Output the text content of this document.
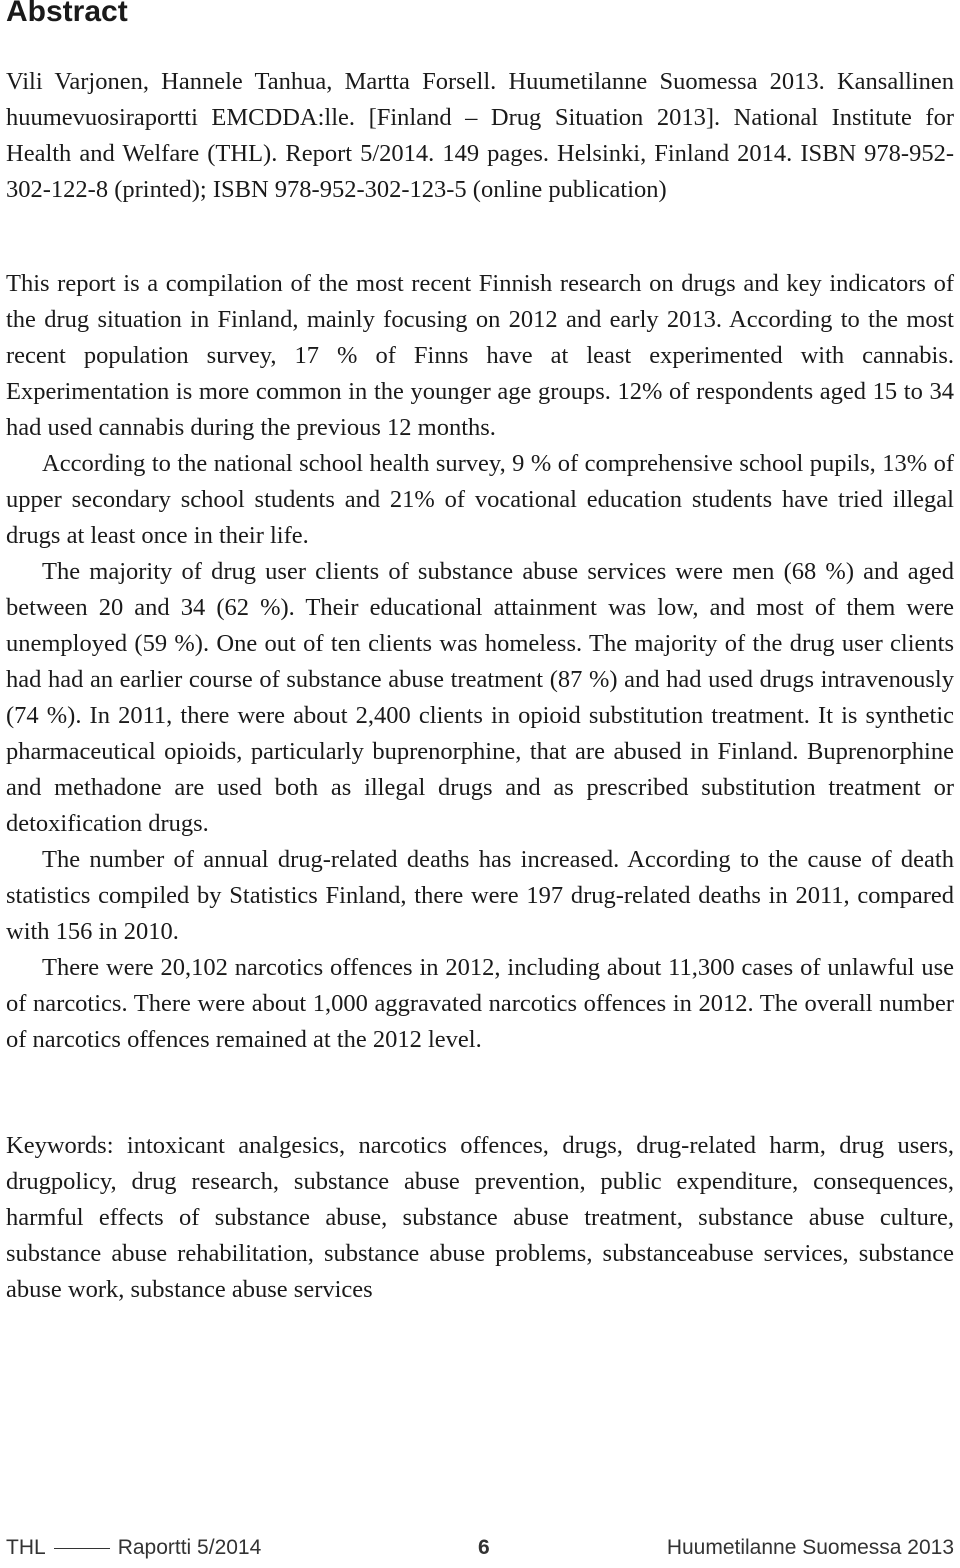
Abstract

Vili Varjonen, Hannele Tanhua, Martta Forsell. Huumetilanne Suomessa 2013. Kansallinen huumevuosiraportti EMCDDA:lle. [Finland – Drug Situation 2013]. National Institute for Health and Welfare (THL). Report 5/2014. 149 pages. Helsinki, Finland 2014. ISBN 978-952-302-122-8 (printed); ISBN 978-952-302-123-5 (online publication)

This report is a compilation of the most recent Finnish research on drugs and key indicators of the drug situation in Finland, mainly focusing on 2012 and early 2013. According to the most recent population survey, 17 % of Finns have at least experimented with cannabis. Experimentation is more common in the younger age groups. 12% of respondents aged 15 to 34 had used cannabis during the previous 12 months.

According to the national school health survey, 9 % of comprehensive school pupils, 13% of upper secondary school students and 21% of vocational education students have tried illegal drugs at least once in their life.

The majority of drug user clients of substance abuse services were men (68 %) and aged between 20 and 34 (62 %). Their educational attainment was low, and most of them were unemployed (59 %). One out of ten clients was homeless. The majority of the drug user clients had had an earlier course of substance abuse treatment (87 %) and had used drugs intravenously (74 %). In 2011, there were about 2,400 clients in opioid substitution treatment. It is synthetic pharmaceutical opioids, particularly buprenorphine, that are abused in Finland. Buprenorphine and methadone are used both as illegal drugs and as prescribed substitution treatment or detoxification drugs.

The number of annual drug-related deaths has increased. According to the cause of death statistics compiled by Statistics Finland, there were 197 drug-related deaths in 2011, compared with 156 in 2010.

There were 20,102 narcotics offences in 2012, including about 11,300 cases of unlawful use of narcotics. There were about 1,000 aggravated narcotics offences in 2012. The overall number of narcotics offences remained at the 2012 level.

Keywords: intoxicant analgesics, narcotics offences, drugs, drug-related harm, drug users, drugpolicy, drug research, substance abuse prevention, public expenditure, consequences, harmful effects of substance abuse, substance abuse treatment, substance abuse culture, substance abuse rehabilitation, substance abuse problems, substanceabuse services, substance abuse work, substance abuse services

THL	Raportti 5/2014	6	Huumetilanne Suomessa 2013
